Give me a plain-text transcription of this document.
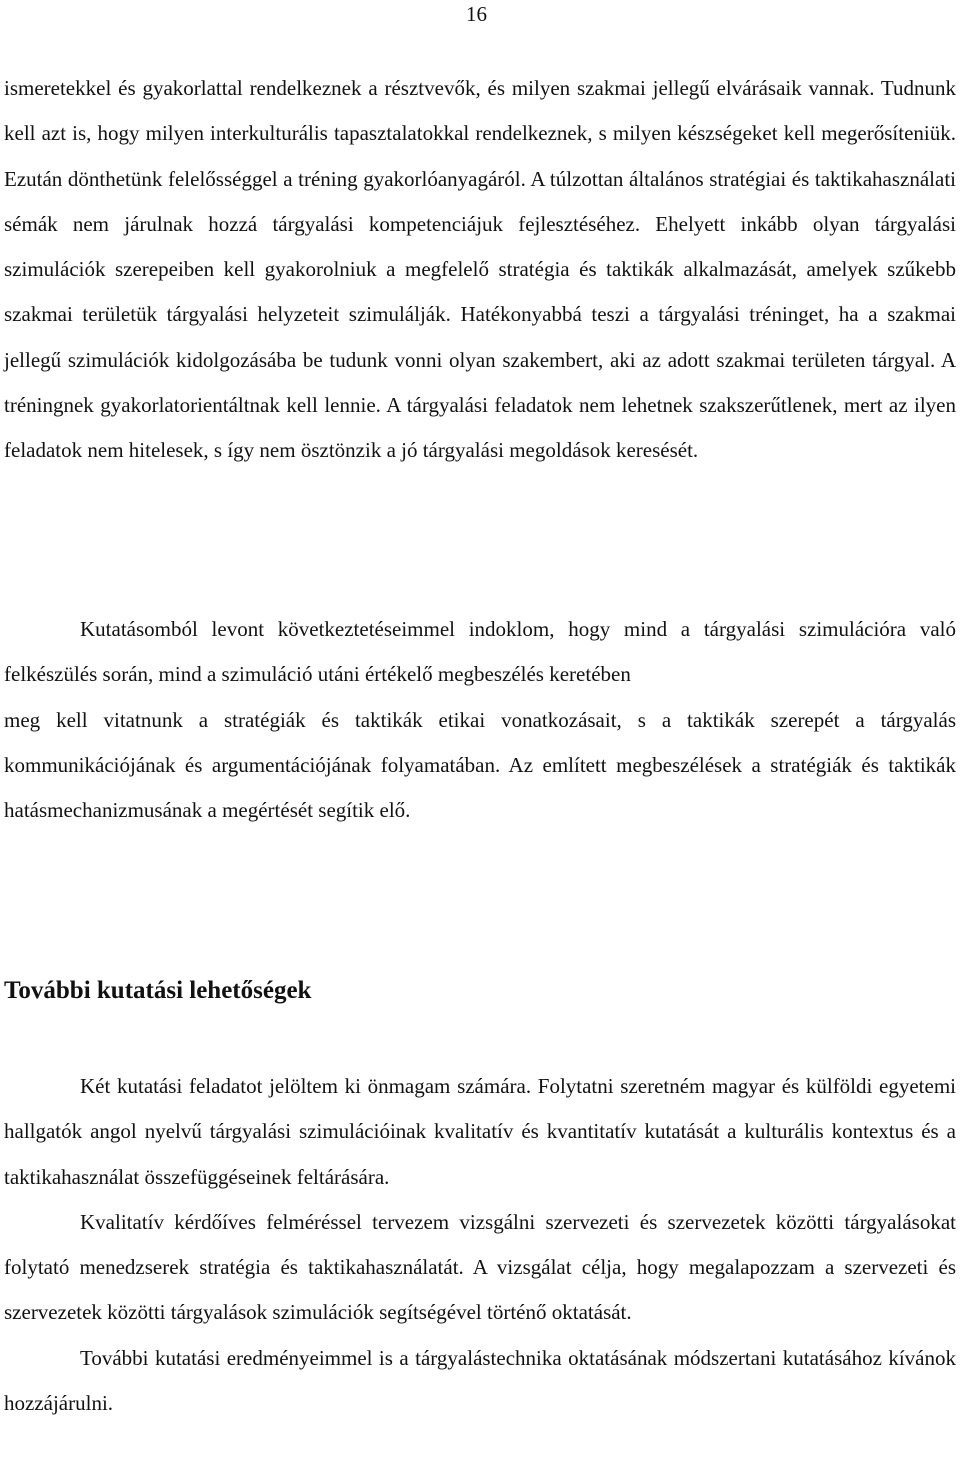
16

ismeretekkel és gyakorlattal rendelkeznek a résztvevők, és milyen szakmai jellegű elvárásaik vannak. Tudnunk kell azt is, hogy milyen interkulturális tapasztalatokkal rendelkeznek, s milyen készségeket kell megerősíteniük. Ezután dönthetünk felelősséggel a tréning gyakorlóanyagáról. A túlzottan általános stratégiai és taktikahasználati sémák nem járulnak hozzá tárgyalási kompetenciájuk fejlesztéséhez. Ehelyett inkább olyan tárgyalási szimulációk szerepeiben kell gyakorolniuk a megfelelő stratégia és taktikák alkalmazását, amelyek szűkebb szakmai területük tárgyalási helyzeteit szimulálják. Hatékonyabbá teszi a tárgyalási tréninget, ha a szakmai jellegű szimulációk kidolgozásába be tudunk vonni olyan szakembert, aki az adott szakmai területen tárgyal. A tréningnek gyakorlatorientáltnak kell lennie. A tárgyalási feladatok nem lehetnek szakszerűtlenek, mert az ilyen feladatok nem hitelesek, s így nem ösztönzik a jó tárgyalási megoldások keresését.

Kutatásomból levont következtetéseimmel indoklom, hogy mind a tárgyalási szimulációra való felkészülés során, mind a szimuláció utáni értékelő megbeszélés keretében

meg kell vitatnunk a stratégiák és taktikák etikai vonatkozásait, s a taktikák szerepét a tárgyalás kommunikációjának és argumentációjának folyamatában. Az említett megbeszélések a stratégiák és taktikák hatásmechanizmusának a megértését segítik elő.

További kutatási lehetőségek

Két kutatási feladatot jelöltem ki önmagam számára. Folytatni szeretném magyar és külföldi egyetemi hallgatók angol nyelvű tárgyalási szimulációinak kvalitatív és kvantitatív kutatását a kulturális kontextus és a taktikahasználat összefüggéseinek feltárására.

Kvalitatív kérdőíves felméréssel tervezem vizsgálni szervezeti és szervezetek közötti tárgyalásokat folytató menedzserek stratégia és taktikahasználatát. A vizsgálat célja, hogy megalapozzam a szervezeti és szervezetek közötti tárgyalások szimulációk segítségével történő oktatását.

További kutatási eredményeimmel is a tárgyalástechnika oktatásának módszertani kutatásához kívánok hozzájárulni.
